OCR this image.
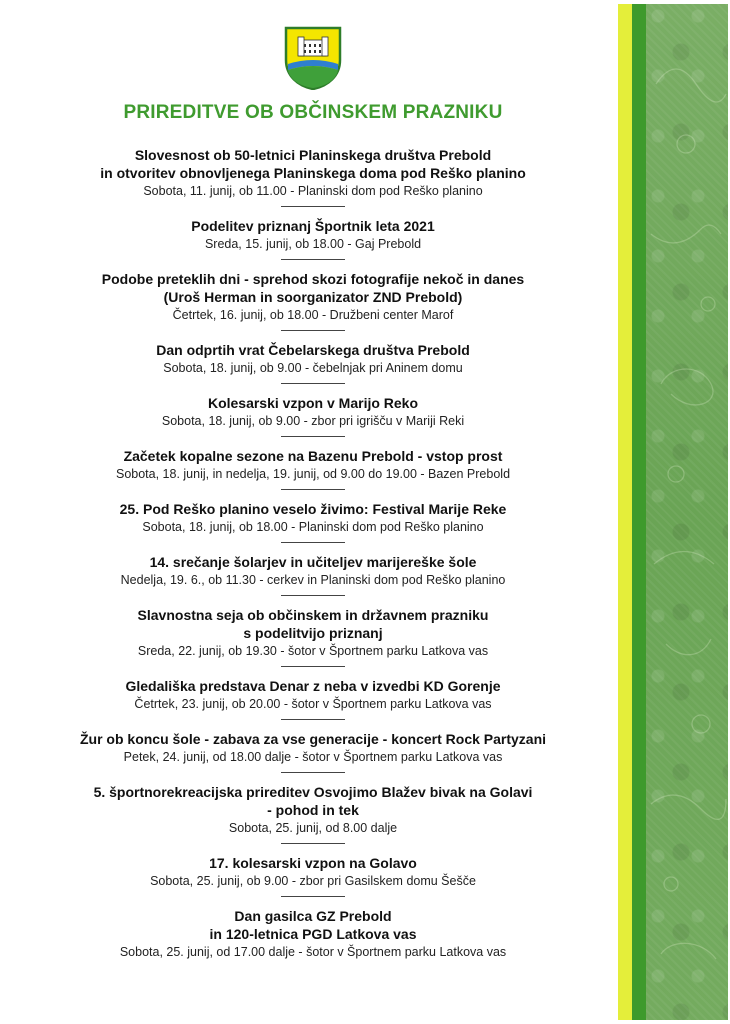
PRIREDITVE OB OBČINSKEM PRAZNIKU
Slovesnost ob 50-letnici Planinskega društva Prebold
in otvoritev obnovljenega Planinskega doma pod Reško planino
Sobota, 11. junij, ob 11.00 - Planinski dom pod Reško planino
Podelitev priznanj Športnik leta 2021
Sreda, 15. junij, ob 18.00 - Gaj Prebold
Podobe preteklih dni - sprehod skozi fotografije nekoč in danes
(Uroš Herman in soorganizator ZND Prebold)
Četrtek, 16. junij, ob 18.00 - Družbeni center Marof
Dan odprtih vrat Čebelarskega društva Prebold
Sobota, 18. junij, ob 9.00 - čebelnjak pri Aninem domu
Kolesarski vzpon v Marijo Reko
Sobota, 18. junij, ob 9.00 - zbor pri igrišču v Mariji Reki
Začetek kopalne sezone na Bazenu Prebold - vstop prost
Sobota, 18. junij, in nedelja, 19. junij, od 9.00 do 19.00 - Bazen Prebold
25. Pod Reško planino veselo živimo: Festival Marije Reke
Sobota, 18. junij, ob 18.00 - Planinski dom pod Reško planino
14. srečanje šolarjev in učiteljev marijereške šole
Nedelja, 19. 6., ob 11.30 - cerkev in Planinski dom pod Reško planino
Slavnostna seja ob občinskem in državnem prazniku
s podelitvijo priznanj
Sreda, 22. junij, ob 19.30 - šotor v Športnem parku Latkova vas
Gledališka predstava Denar z neba v izvedbi KD Gorenje
Četrtek, 23. junij, ob 20.00 - šotor v Športnem parku Latkova vas
Žur ob koncu šole - zabava za vse generacije - koncert Rock Partyzani
Petek, 24. junij, od 18.00 dalje - šotor v Športnem parku Latkova vas
5. športnorekreacijska prireditev Osvojimo Blažev bivak na Golavi
- pohod in tek
Sobota, 25. junij, od 8.00 dalje
17. kolesarski vzpon na Golavo
Sobota, 25. junij, ob 9.00 - zbor pri Gasilskem domu Šešče
Dan gasilca GZ Prebold
in 120-letnica PGD Latkova vas
Sobota, 25. junij, od 17.00 dalje - šotor v Športnem parku Latkova vas
